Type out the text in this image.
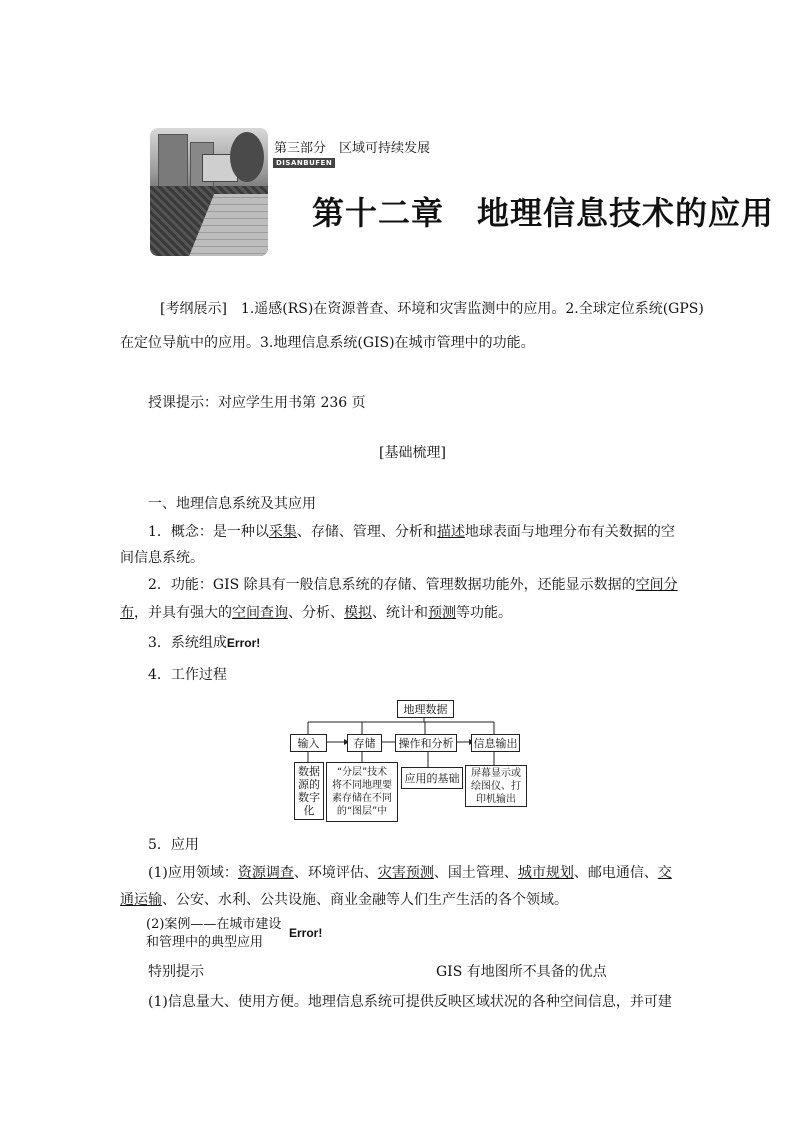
第三部分　区域可持续发展
DISANBUFEN
第十二章　地理信息技术的应用
[考纲展示]　1.遥感(RS)在资源普查、环境和灾害监测中的应用。2.全球定位系统(GPS)
在定位导航中的应用。3.地理信息系统(GIS)在城市管理中的功能。
授课提示：对应学生用书第 236 页
[基础梳理]
一、地理信息系统及其应用
1．概念：是一种以采集、存储、管理、分析和描述地球表面与地理分布有关数据的空
间信息系统。
2．功能：GIS 除具有一般信息系统的存储、管理数据功能外，还能显示数据的空间分
布，并具有强大的空间查询、分析、模拟、统计和预测等功能。
3．系统组成Error!
4．工作过程
地理数据
输入	存储	操作和分析	信息输出
数据
源的
数字
化
“分层”技术
将不同地理要
素存储在不同
的“图层”中
应用的基础	屏幕显示或
绘图仪、打
印机输出
5．应用
(1)应用领域：资源调查、环境评估、灾害预测、国土管理、城市规划、邮电通信、交
通运输、公安、水利、公共设施、商业金融等人们生产生活的各个领域。
(2)案例——在城市建设
和管理中的典型应用
Error!
特别提示	GIS 有地图所不具备的优点
(1)信息量大、使用方便。地理信息系统可提供反映区域状况的各种空间信息，并可建
